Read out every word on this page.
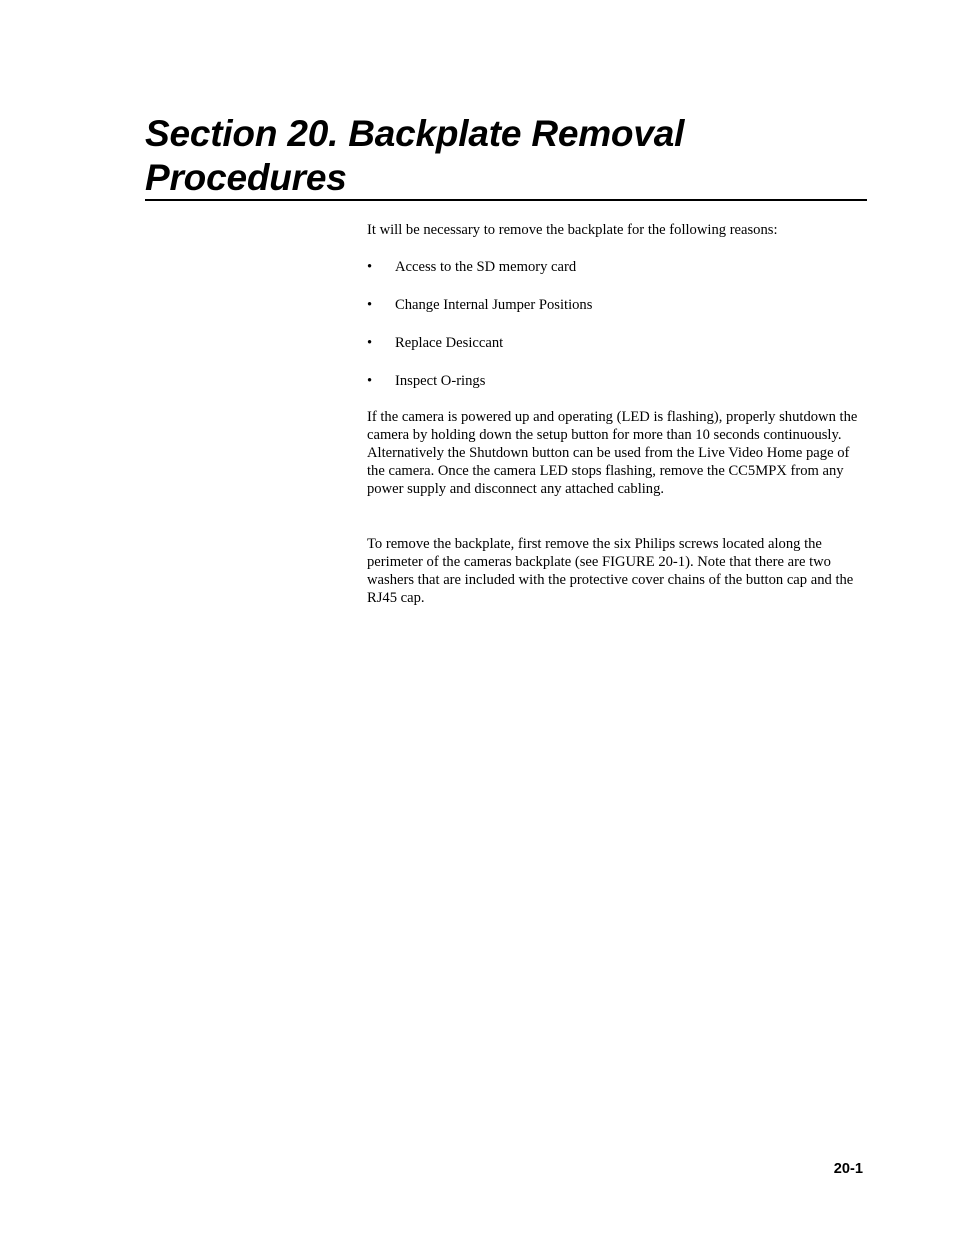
Section 20. Backplate Removal Procedures

It will be necessary to remove the backplate for the following reasons:

• Access to the SD memory card
• Change Internal Jumper Positions
• Replace Desiccant
• Inspect O-rings

If the camera is powered up and operating (LED is flashing), properly shutdown the camera by holding down the setup button for more than 10 seconds continuously. Alternatively the Shutdown button can be used from the Live Video Home page of the camera. Once the camera LED stops flashing, remove the CC5MPX from any power supply and disconnect any attached cabling.

To remove the backplate, first remove the six Philips screws located along the perimeter of the cameras backplate (see FIGURE 20-1). Note that there are two washers that are included with the protective cover chains of the button cap and the RJ45 cap.

20-1
